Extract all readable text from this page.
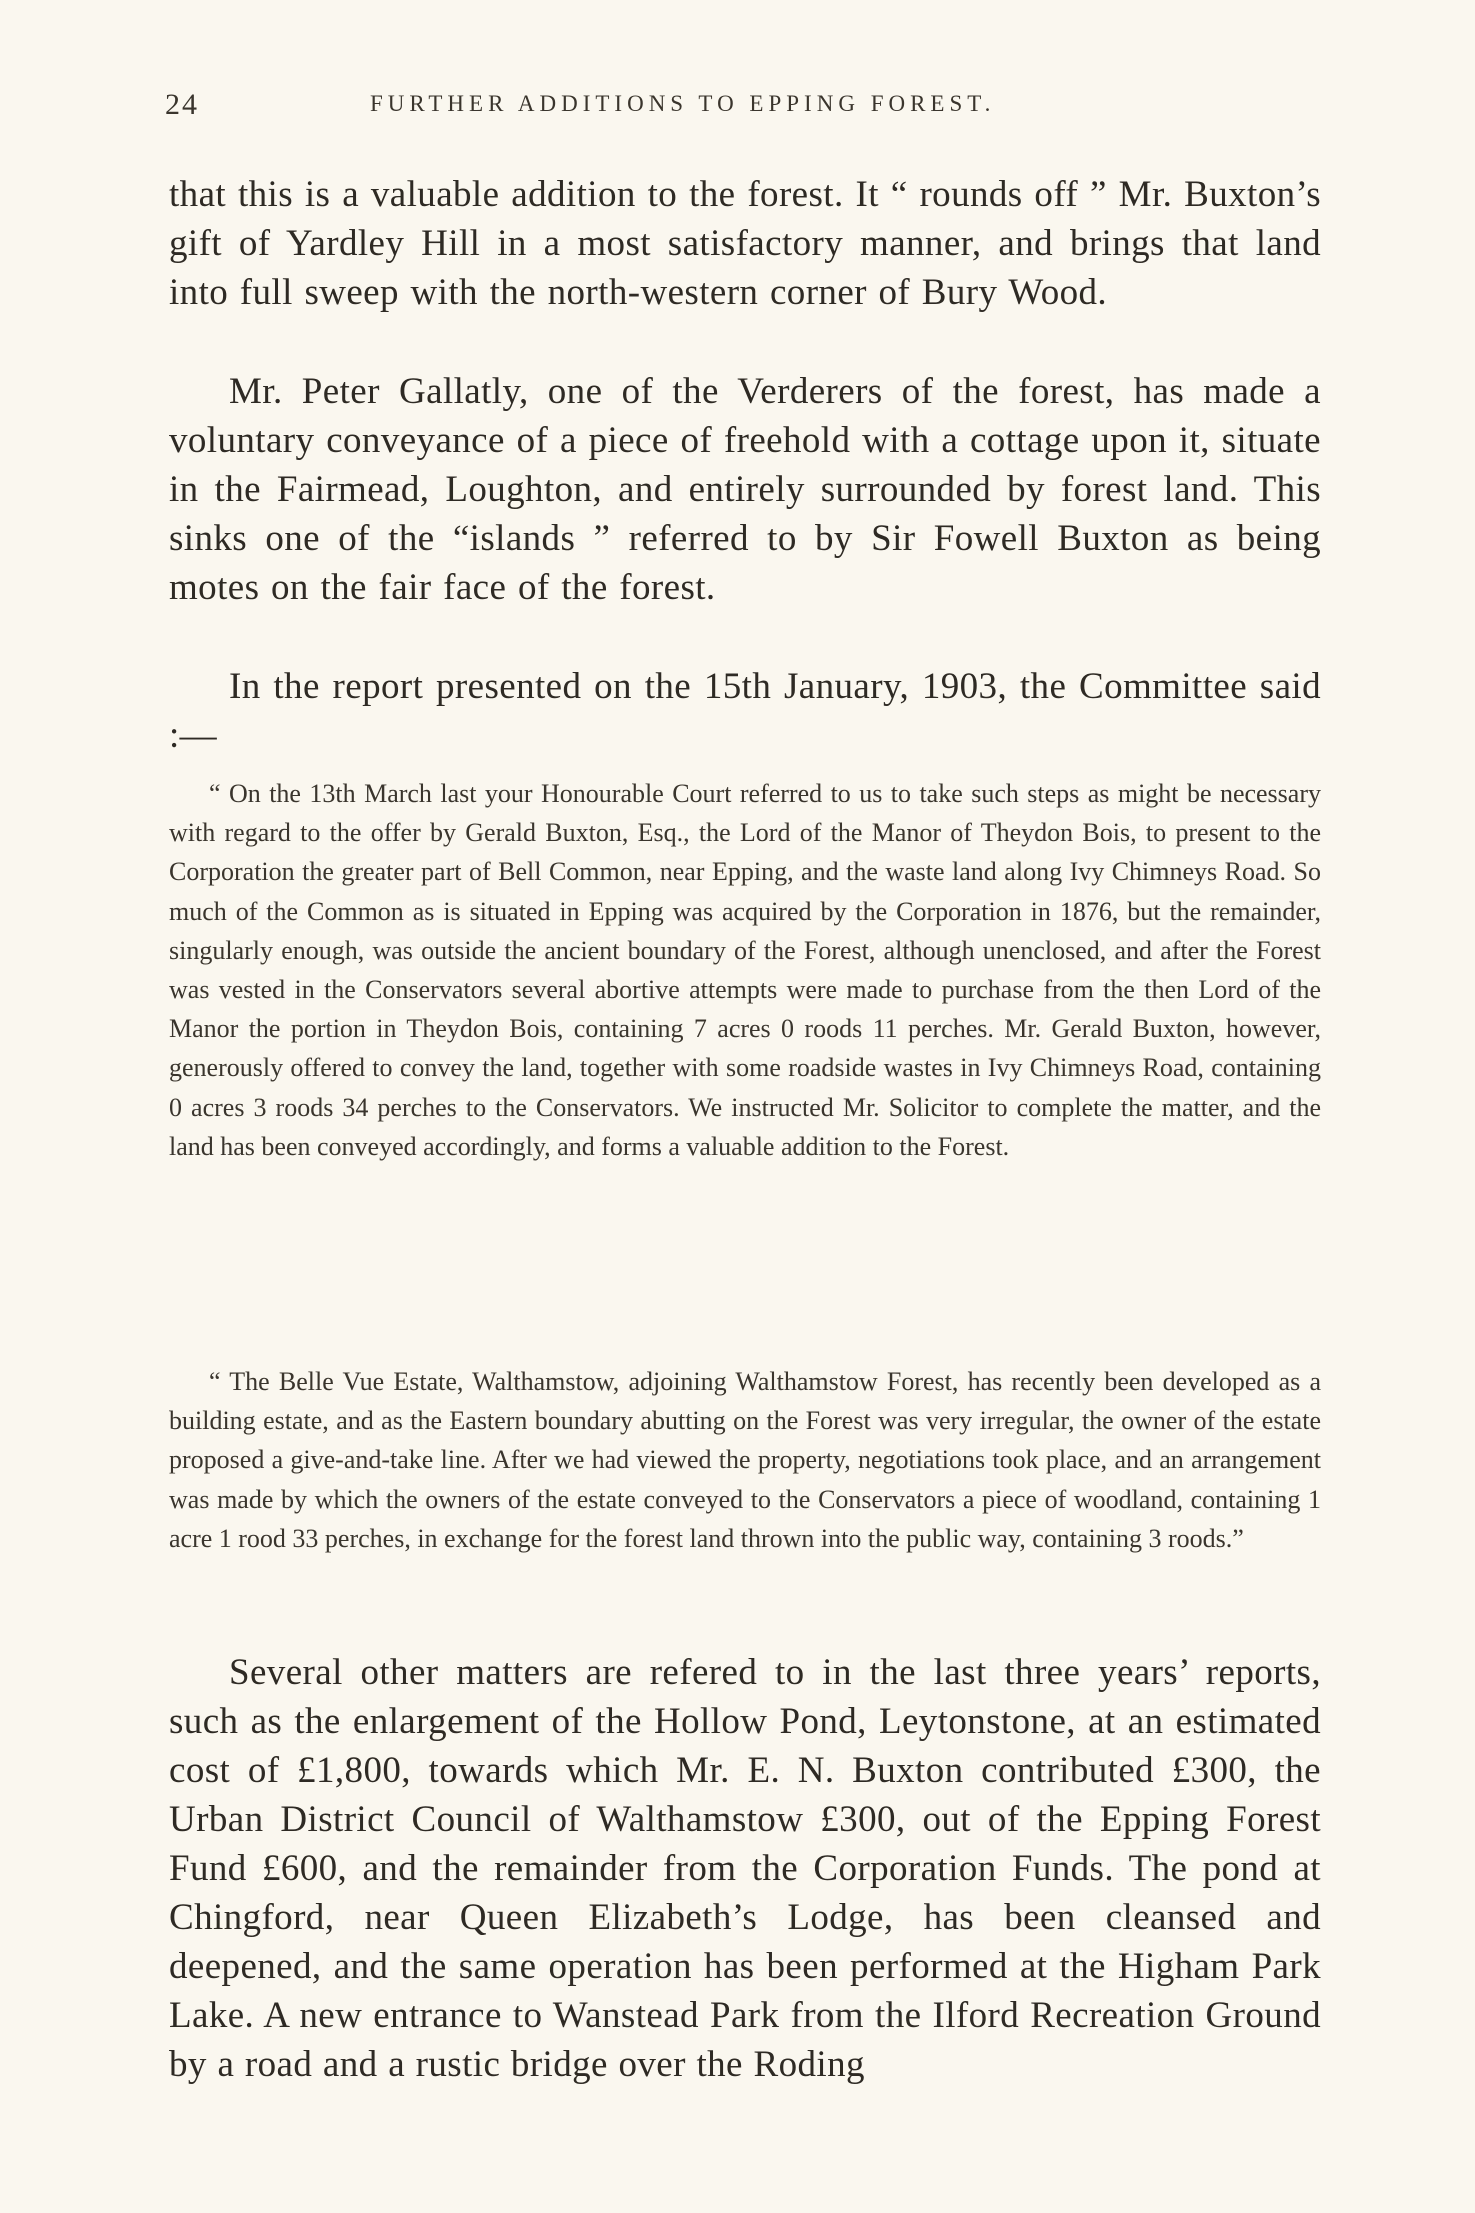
24	FURTHER ADDITIONS TO EPPING FOREST.

that this is a valuable addition to the forest. It “ rounds off ” Mr. Buxton’s gift of Yardley Hill in a most satisfactory manner, and brings that land into full sweep with the north-western corner of Bury Wood.

Mr. Peter Gallatly, one of the Verderers of the forest, has made a voluntary conveyance of a piece of freehold with a cottage upon it, situate in the Fairmead, Loughton, and entirely surrounded by forest land. This sinks one of the “islands ” referred to by Sir Fowell Buxton as being motes on the fair face of the forest.

In the report presented on the 15th January, 1903, the Committee said :—

“ On the 13th March last your Honourable Court referred to us to take such steps as might be necessary with regard to the offer by Gerald Buxton, Esq., the Lord of the Manor of Theydon Bois, to present to the Corporation the greater part of Bell Common, near Epping, and the waste land along Ivy Chimneys Road. So much of the Common as is situated in Epping was acquired by the Corporation in 1876, but the remainder, singularly enough, was outside the ancient boundary of the Forest, although unenclosed, and after the Forest was vested in the Conservators several abortive attempts were made to purchase from the then Lord of the Manor the portion in Theydon Bois, containing 7 acres 0 roods 11 perches. Mr. Gerald Buxton, however, generously offered to convey the land, together with some roadside wastes in Ivy Chimneys Road, containing 0 acres 3 roods 34 perches to the Conservators. We instructed Mr. Solicitor to complete the matter, and the land has been conveyed accordingly, and forms a valuable addition to the Forest.

“ The Belle Vue Estate, Walthamstow, adjoining Walthamstow Forest, has recently been developed as a building estate, and as the Eastern boundary abutting on the Forest was very irregular, the owner of the estate proposed a give-and-take line. After we had viewed the property, negotiations took place, and an arrangement was made by which the owners of the estate conveyed to the Conservators a piece of woodland, containing 1 acre 1 rood 33 perches, in exchange for the forest land thrown into the public way, containing 3 roods.”

Several other matters are refered to in the last three years’ reports, such as the enlargement of the Hollow Pond, Leytonstone, at an estimated cost of £1,800, towards which Mr. E. N. Buxton contributed £300, the Urban District Council of Walthamstow £300, out of the Epping Forest Fund £600, and the remainder from the Corporation Funds. The pond at Chingford, near Queen Elizabeth’s Lodge, has been cleansed and deepened, and the same operation has been performed at the Higham Park Lake. A new entrance to Wanstead Park from the Ilford Recreation Ground by a road and a rustic bridge over the Roding
